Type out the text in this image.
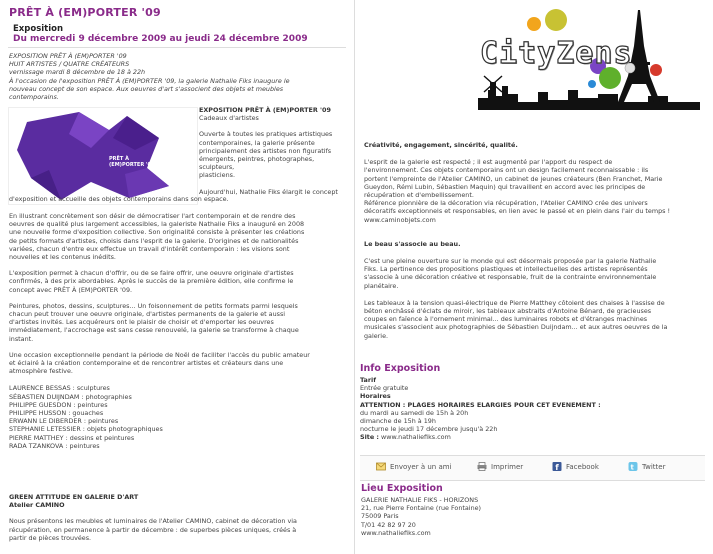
PRÊT À (EM)PORTER '09
Exposition
Du mercredi 9 décembre 2009 au jeudi 24 décembre 2009
EXPOSITION PRÊT À (EM)PORTER '09
HUIT ARTISTES / QUATRE CRÉATEURS
vernissage mardi 8 décembre de 18 à 22h
À l'occasion de l'exposition PRÊT À (EM)PORTER '09, la galerie Nathalie Fiks inaugure le
nouveau concept de son espace. Aux oeuvres d'art s'associent des objets et meubles
contemporains.
PRÊT À
(EM)PORTER '09
EXPOSITION PRÊT À (EM)PORTER '09
Cadeaux d'artistes
Ouverte à toutes les pratiques artistiques
contemporaines, la galerie présente
principalement des artistes non figuratifs
émergents, peintres, photographes, sculpteurs,
plasticiens.
Aujourd'hui, Nathalie Fiks élargit le concept
d'exposition et accueille des objets contemporains dans son espace.
En illustrant concrètement son désir de démocratiser l'art contemporain et de rendre des
oeuvres de qualité plus largement accessibles, la galeriste Nathalie Fiks a inauguré en 2008
une nouvelle forme d'exposition collective. Son originalité consiste à présenter les créations
de petits formats d'artistes, choisis dans l'esprit de la galerie. D'origines et de nationalités
variées, chacun d'entre eux effectue un travail d'intérêt contemporain : les visions sont
nouvelles et les contenus inédits.
L'exposition permet à chacun d'offrir, ou de se faire offrir, une oeuvre originale d'artistes
confirmés, à des prix abordables. Après le succès de la première édition, elle confirme le
concept avec PRÊT À (EM)PORTER '09.
Peintures, photos, dessins, sculptures... Un foisonnement de petits formats parmi lesquels
chacun peut trouver une oeuvre originale, d'artistes permanents de la galerie et aussi
d'artistes invités. Les acquéreurs ont le plaisir de choisir et d'emporter les oeuvres
immédiatement, l'accrochage est sans cesse renouvelé, la galerie se transforme à chaque
instant.
Une occasion exceptionnelle pendant la période de Noël de faciliter l'accès du public amateur
et éclairé à la création contemporaine et de rencontrer artistes et créateurs dans une
atmosphère festive.
LAURENCE BESSAS : sculptures
SÉBASTIEN DUIJNDAM : photographies
PHILIPPE GUESDON : peintures
PHILIPPE HUSSON : gouaches
ERWANN LE DIBERDER : peintures
STEPHANIE LETESSIER : objets photographiques
PIERRE MATTHEY : dessins et peintures
RADA TZANKOVA : peintures
GREEN ATTITUDE EN GALERIE D'ART
Atelier CAMINO
Nous présentons les meubles et luminaires de l'Atelier CAMINO, cabinet de décoration via
récupération, en permanence à partir de décembre : de superbes pièces uniques, créés à
partir de pièces trouvées.
CityZens
Créativité, engagement, sincérité, qualité.
L'esprit de la galerie est respecté ; il est augmenté par l'apport du respect de
l'environnement. Ces objets contemporains ont un design facilement reconnaissable : ils
portent l'empreinte de l'Atelier CAMINO, un cabinet de jeunes créateurs (Ben Franchet, Marie
Gueydon, Rémi Lubin, Sébastien Maquin) qui travaillent en accord avec les principes de
récupération et d'embellissement.
Référence pionnière de la décoration via récupération, l'Atelier CAMINO crée des univers
décoratifs exceptionnels et responsables, en lien avec le passé et en plein dans l'air du temps !
www.caminobjets.com
Le beau s'associe au beau.
C'est une pleine ouverture sur le monde qui est désormais proposée par la galerie Nathalie
Fiks. La pertinence des propositions plastiques et intellectuelles des artistes représentés
s'associe à une décoration créative et responsable, fruit de la contrainte environnementale
planétaire.
Les tableaux à la tension quasi-électrique de Pierre Matthey côtoient des chaises à l'assise de
béton enchâssé d'éclats de miroir, les tableaux abstraits d'Antoine Bénard, de gracieuses
coupes en faïence à l'ornement minimal... des luminaires robots et d'étranges machines
musicales s'associent aux photographies de Sébastien Duijndam... et aux autres oeuvres de la
galerie.
Info Exposition
Tarif
Entrée gratuite
Horaires
ATTENTION : PLAGES HORAIRES ELARGIES POUR CET EVENEMENT :
du mardi au samedi de 15h à 20h
dimanche de 15h à 19h
nocturne le jeudi 17 décembre jusqu'à 22h
Site : www.nathaliefiks.com
Envoyer à un ami	Imprimer	f Facebook	t Twitter
Lieu Exposition
GALERIE NATHALIE FIKS - HORIZONS
21, rue Pierre Fontaine (rue Fontaine)
75009 Paris
T/01 42 82 97 20
www.nathaliefiks.com
